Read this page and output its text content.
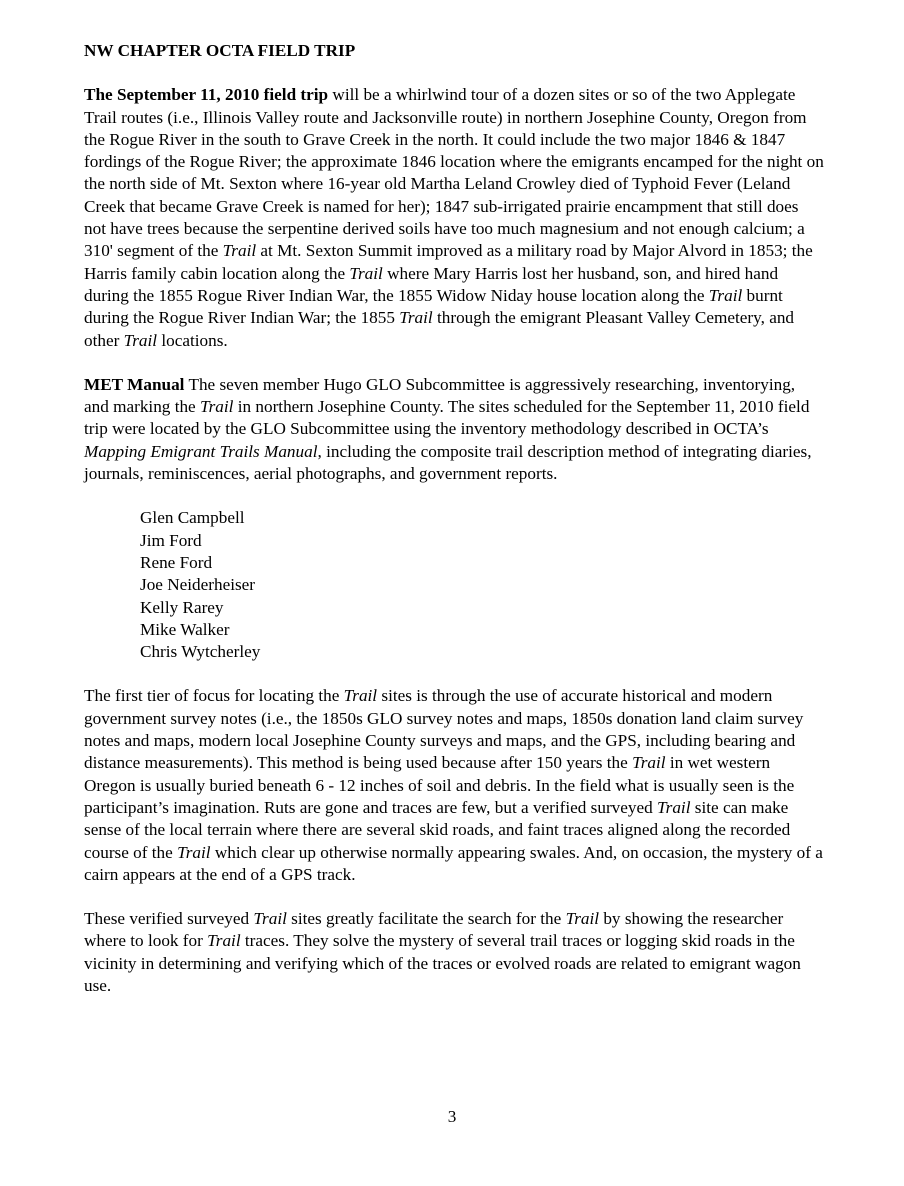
NW CHAPTER OCTA FIELD TRIP

The September 11, 2010 field trip will be a whirlwind tour of a dozen sites or so of the two Applegate Trail routes (i.e., Illinois Valley route and Jacksonville route) in northern Josephine County, Oregon from the Rogue River in the south to Grave Creek in the north. It could include the two major 1846 & 1847 fordings of the Rogue River; the approximate 1846 location where the emigrants encamped for the night on the north side of Mt. Sexton where 16-year old Martha Leland Crowley died of Typhoid Fever (Leland Creek that became Grave Creek is named for her); 1847 sub-irrigated prairie encampment that still does not have trees because the serpentine derived soils have too much magnesium and not enough calcium; a 310' segment of the Trail at Mt. Sexton Summit improved as a military road by Major Alvord in 1853; the Harris family cabin location along the Trail where Mary Harris lost her husband, son, and hired hand during the 1855 Rogue River Indian War, the 1855 Widow Niday house location along the Trail burnt during the Rogue River Indian War; the 1855 Trail through the emigrant Pleasant Valley Cemetery, and other Trail locations.

MET Manual The seven member Hugo GLO Subcommittee is aggressively researching, inventorying, and marking the Trail in northern Josephine County. The sites scheduled for the September 11, 2010 field trip were located by the GLO Subcommittee using the inventory methodology described in OCTA’s Mapping Emigrant Trails Manual, including the composite trail description method of integrating diaries, journals, reminiscences, aerial photographs, and government reports.

Glen Campbell
Jim Ford
Rene Ford
Joe Neiderheiser
Kelly Rarey
Mike Walker
Chris Wytcherley

The first tier of focus for locating the Trail sites is through the use of accurate historical and modern government survey notes (i.e., the 1850s GLO survey notes and maps, 1850s donation land claim survey notes and maps, modern local Josephine County surveys and maps, and the GPS, including bearing and distance measurements). This method is being used because after 150 years the Trail in wet western Oregon is usually buried beneath 6 - 12 inches of soil and debris. In the field what is usually seen is the participant’s imagination. Ruts are gone and traces are few, but a verified surveyed Trail site can make sense of the local terrain where there are several skid roads, and faint traces aligned along the recorded course of the Trail which clear up otherwise normally appearing swales. And, on occasion, the mystery of a cairn appears at the end of a GPS track.

These verified surveyed Trail sites greatly facilitate the search for the Trail by showing the researcher where to look for Trail traces. They solve the mystery of several trail traces or logging skid roads in the vicinity in determining and verifying which of the traces or evolved roads are related to emigrant wagon use.

3
